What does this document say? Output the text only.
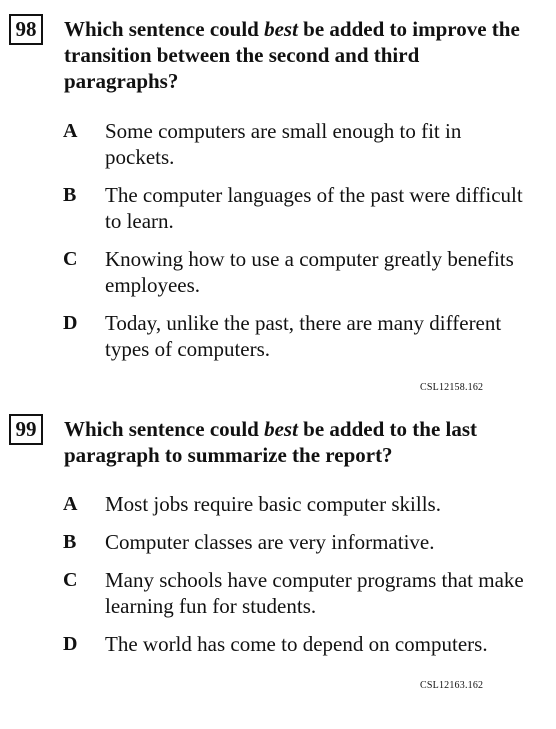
98	Which sentence could best be added to improve the transition between the second and third paragraphs?
A Some computers are small enough to fit in pockets.
B The computer languages of the past were difficult to learn.
C Knowing how to use a computer greatly benefits employees.
D Today, unlike the past, there are many different types of computers.
CSL12158.162
99	Which sentence could best be added to the last paragraph to summarize the report?
A Most jobs require basic computer skills.
B Computer classes are very informative.
C Many schools have computer programs that make learning fun for students.
D The world has come to depend on computers.
CSL12163.162
